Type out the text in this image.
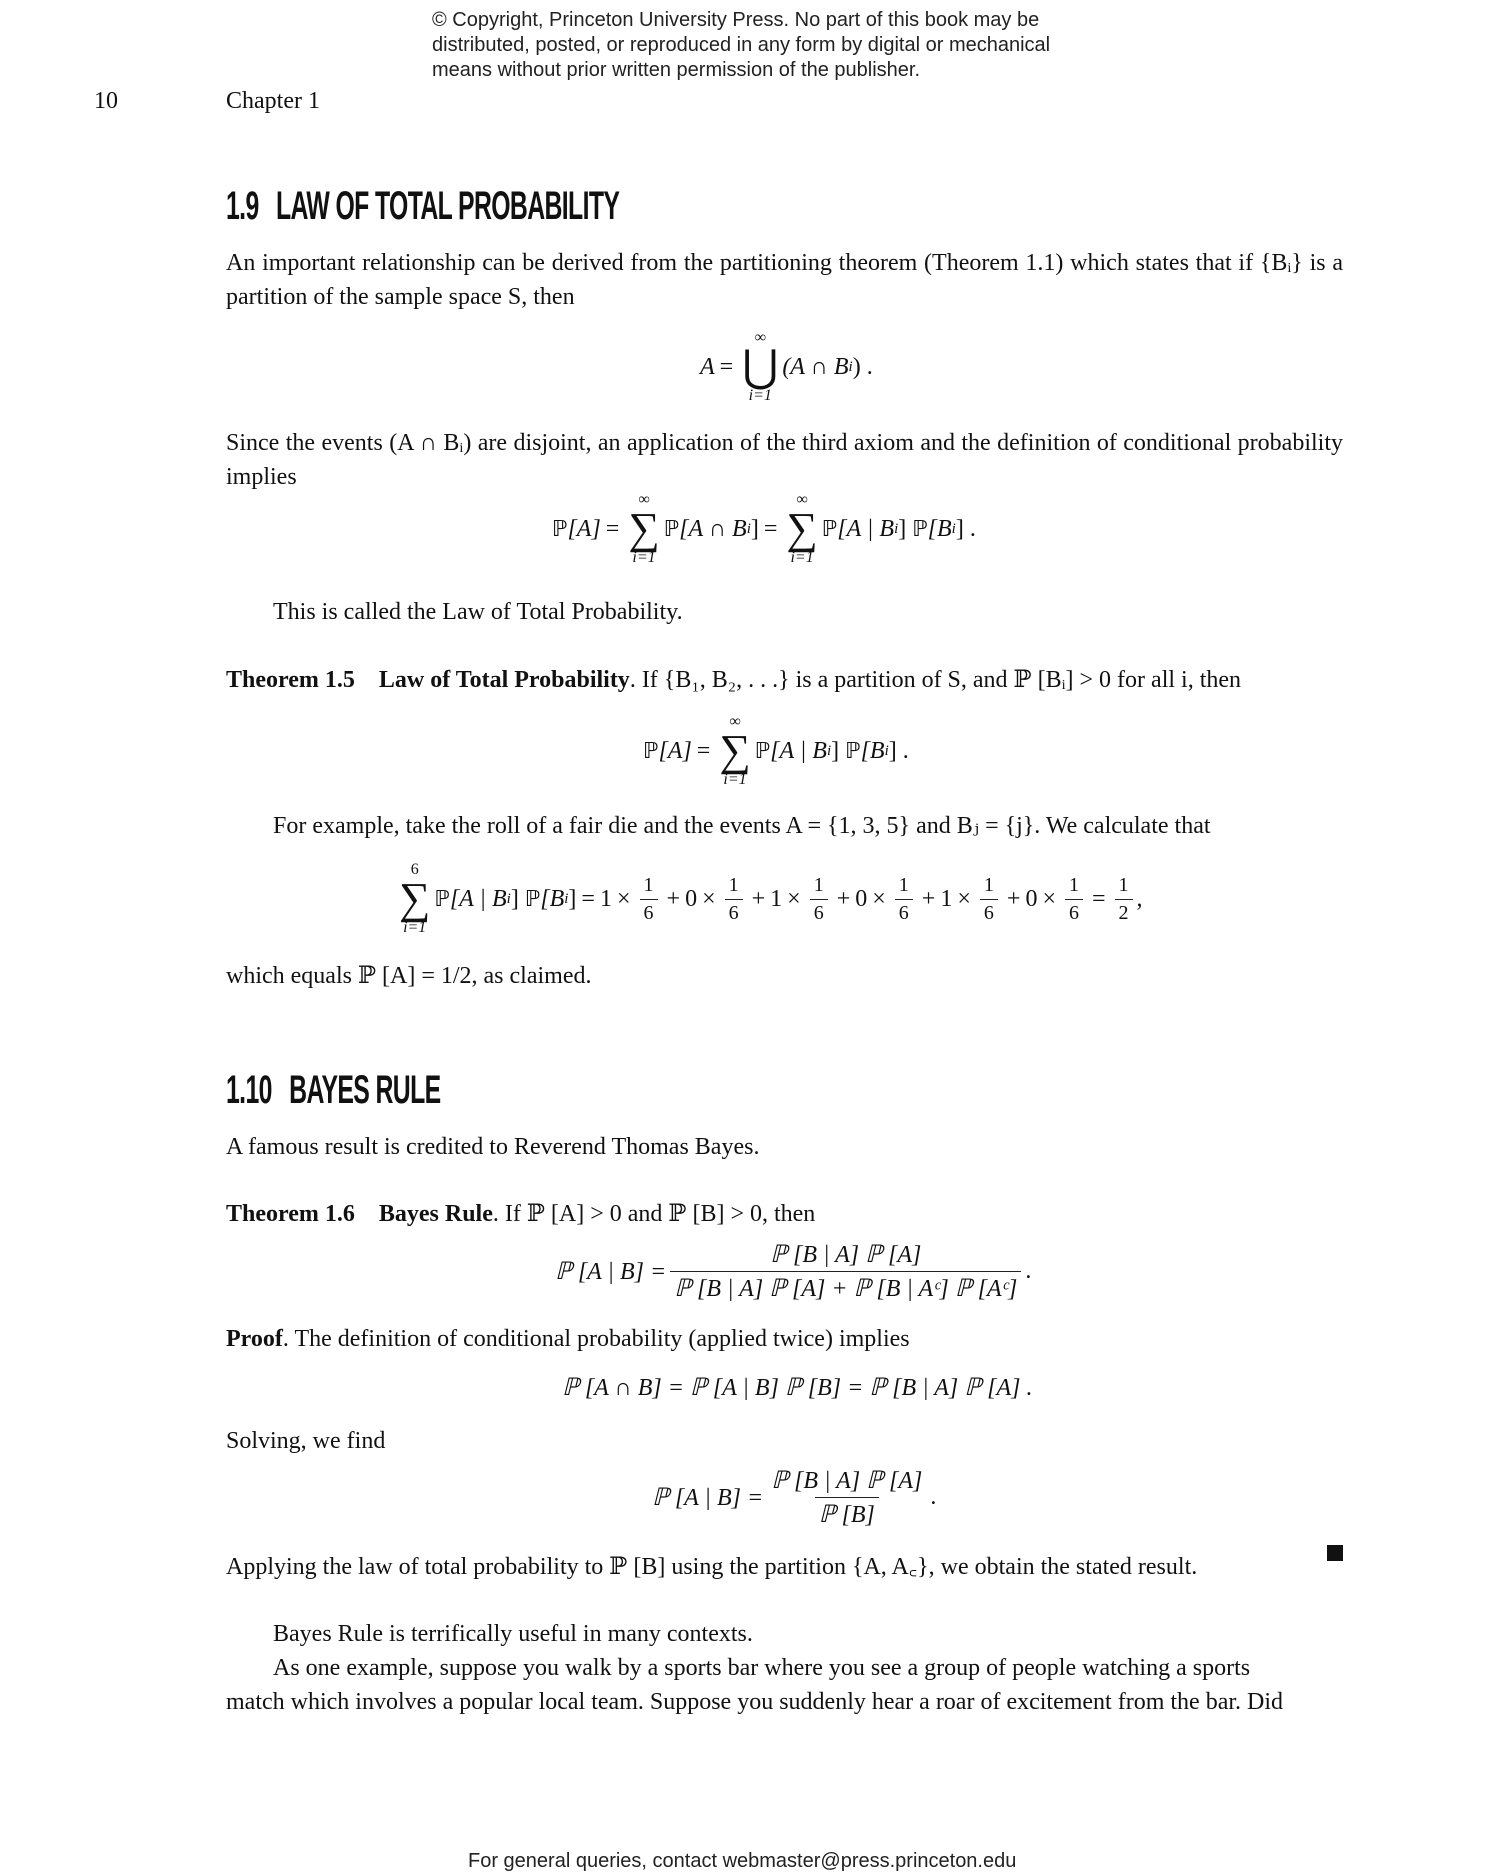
© Copyright, Princeton University Press. No part of this book may be
distributed, posted, or reproduced in any form by digital or mechanical
means without prior written permission of the publisher.
10	Chapter 1
1.9 LAW OF TOTAL PROBABILITY
An important relationship can be derived from the partitioning theorem (Theorem 1.1) which states that if {Bᵢ} is a partition of the sample space S, then
A =
∞
⋃
i=1
(A ∩ B i ) .
Since the events (A ∩ Bᵢ) are disjoint, an application of the third axiom and the definition of conditional probability implies
ℙ [A] =
∞
∑
i=1
ℙ [A ∩ B i ] =
∞
∑
i=1
ℙ [A | B i ]
ℙ [B i ]
.
This is called the Law of Total Probability.
Theorem 1.5 Law of Total Probability. If {B₁, B₂, . . .} is a partition of S, and ℙ [Bᵢ] > 0 for all i, then
ℙ [A] =
∞
∑
i=1
ℙ [A | B i ]
ℙ [B i ]
.
For example, take the roll of a fair die and the events A = {1, 3, 5} and Bⱼ = {j}. We calculate that
6
∑
i=1
ℙ [A | B i ]
ℙ [B i ] = $1 \times \frac{1}{6} + 0 \times \frac{1}{6} + 1 \times \frac{1}{6} + 0 \times \frac{1}{6} + 1 \times \frac{1}{6} + 0 \times \frac{1}{6} = \frac{1}{2}$ ,
which equals ℙ [A] = 1/2, as claimed.
1.10 BAYES RULE
A famous result is credited to Reverend Thomas Bayes.
Theorem 1.6 Bayes Rule. If ℙ [A] > 0 and ℙ [B] > 0, then
ℙ [A | $B] = \frac{\text{ℙ [B | A] ℙ [A]}}{\text{ℙ [B | A] ℙ [A] + ℙ [B | Aᶜ] ℙ [Aᶜ]}}$ .
Proof. The definition of conditional probability (applied twice) implies
ℙ [A ∩ B] = ℙ [A | B] ℙ [B] = ℙ [B | A] ℙ [A] .
Solving, we find
ℙ [A | $B] = \frac{\text{ℙ [B | A] ℙ [A]}}{\text{ℙ [B]}}$ .
Applying the law of total probability to ℙ [B] using the partition {A, A꜀}, we obtain the stated result.
Bayes Rule is terrifically useful in many contexts.
As one example, suppose you walk by a sports bar where you see a group of people watching a sports
match which involves a popular local team. Suppose you suddenly hear a roar of excitement from the bar. Did
For general queries, contact webmaster@press.princeton.edu
